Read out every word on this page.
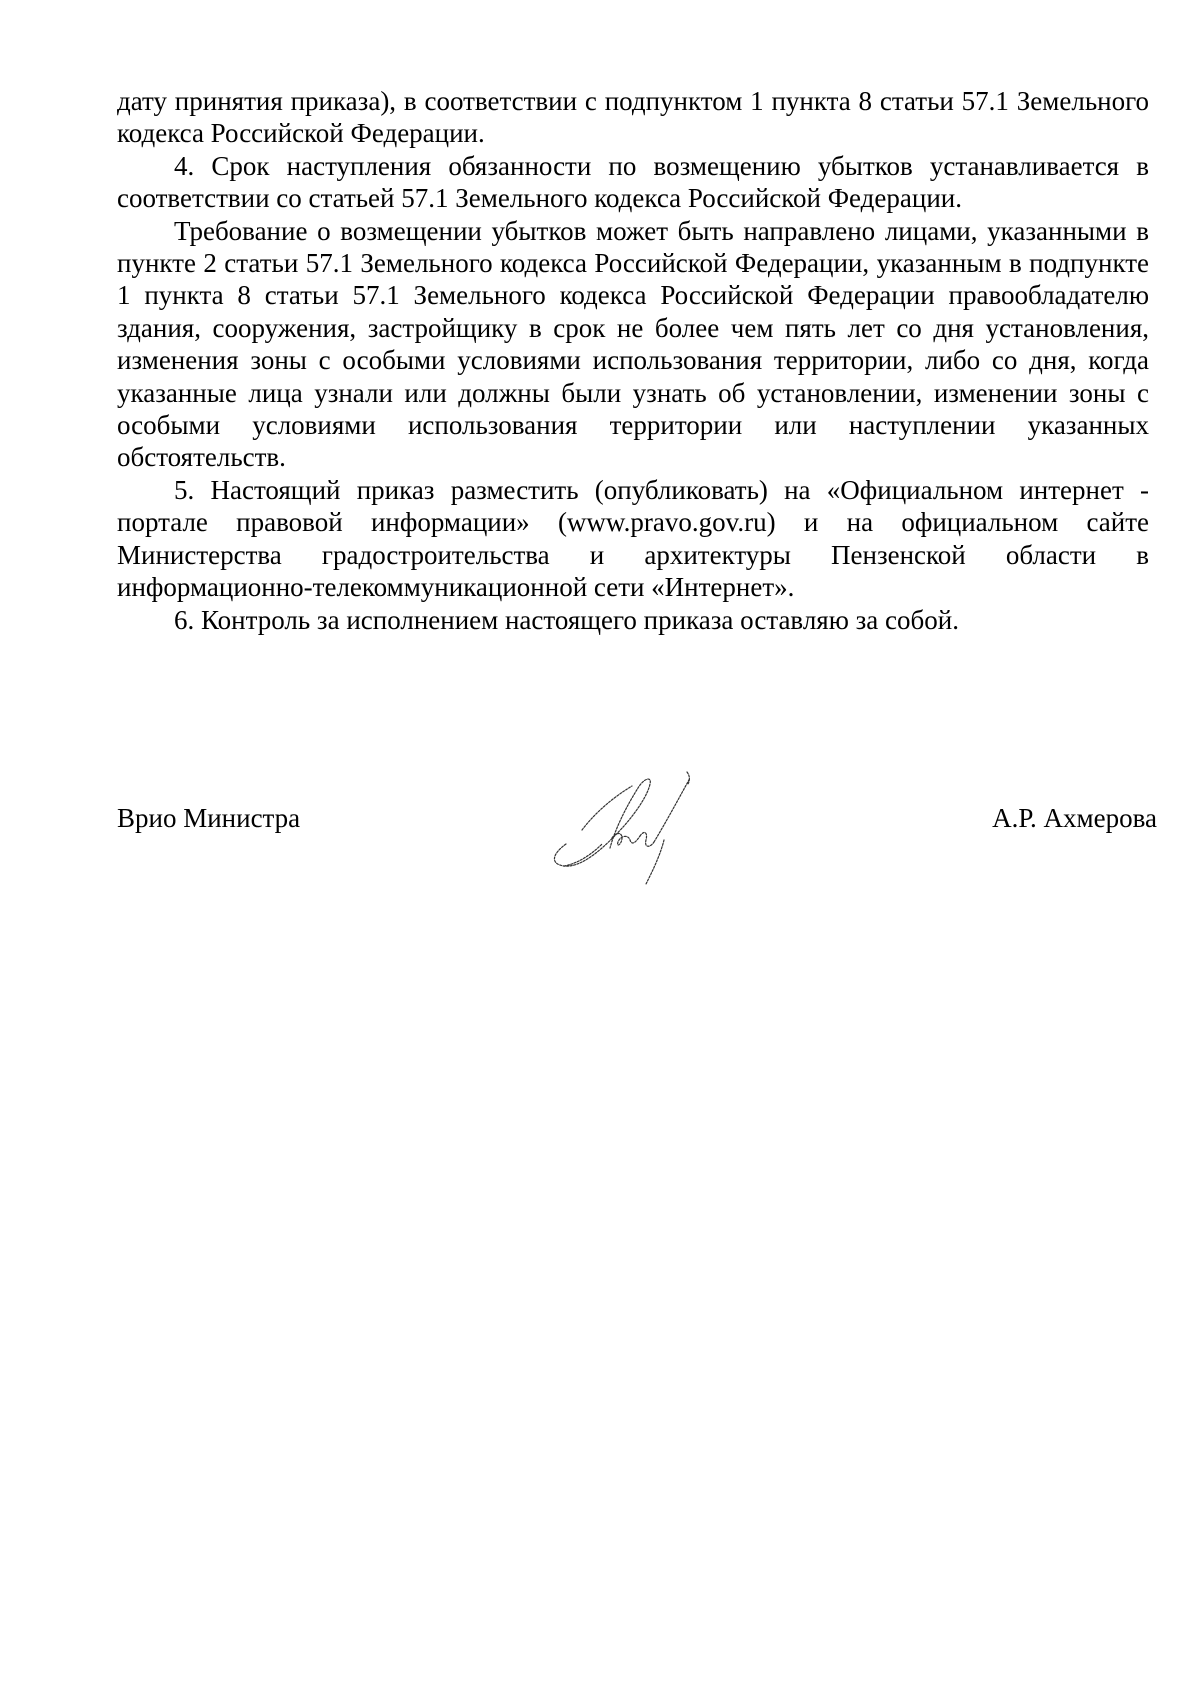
дату принятия приказа), в соответствии с подпунктом 1 пункта 8 статьи 57.1 Земельного кодекса Российской Федерации.

4. Срок наступления обязанности по возмещению убытков устанавливается в соответствии со статьей 57.1 Земельного кодекса Российской Федерации.

Требование о возмещении убытков может быть направлено лицами, указанными в пункте 2 статьи 57.1 Земельного кодекса Российской Федерации, указанным в подпункте 1 пункта 8 статьи 57.1 Земельного кодекса Российской Федерации правообладателю здания, сооружения, застройщику в срок не более чем пять лет со дня установления, изменения зоны с особыми условиями использования территории, либо со дня, когда указанные лица узнали или должны были узнать об установлении, изменении зоны с особыми условиями использования территории или наступлении указанных обстоятельств.

5. Настоящий приказ разместить (опубликовать) на «Официальном интернет - портале правовой информации» (www.pravo.gov.ru) и на официальном сайте Министерства градостроительства и архитектуры Пензенской области в информационно-телекоммуникационной сети «Интернет».

6. Контроль за исполнением настоящего приказа оставляю за собой.

Врио Министра	А.Р. Ахмерова
